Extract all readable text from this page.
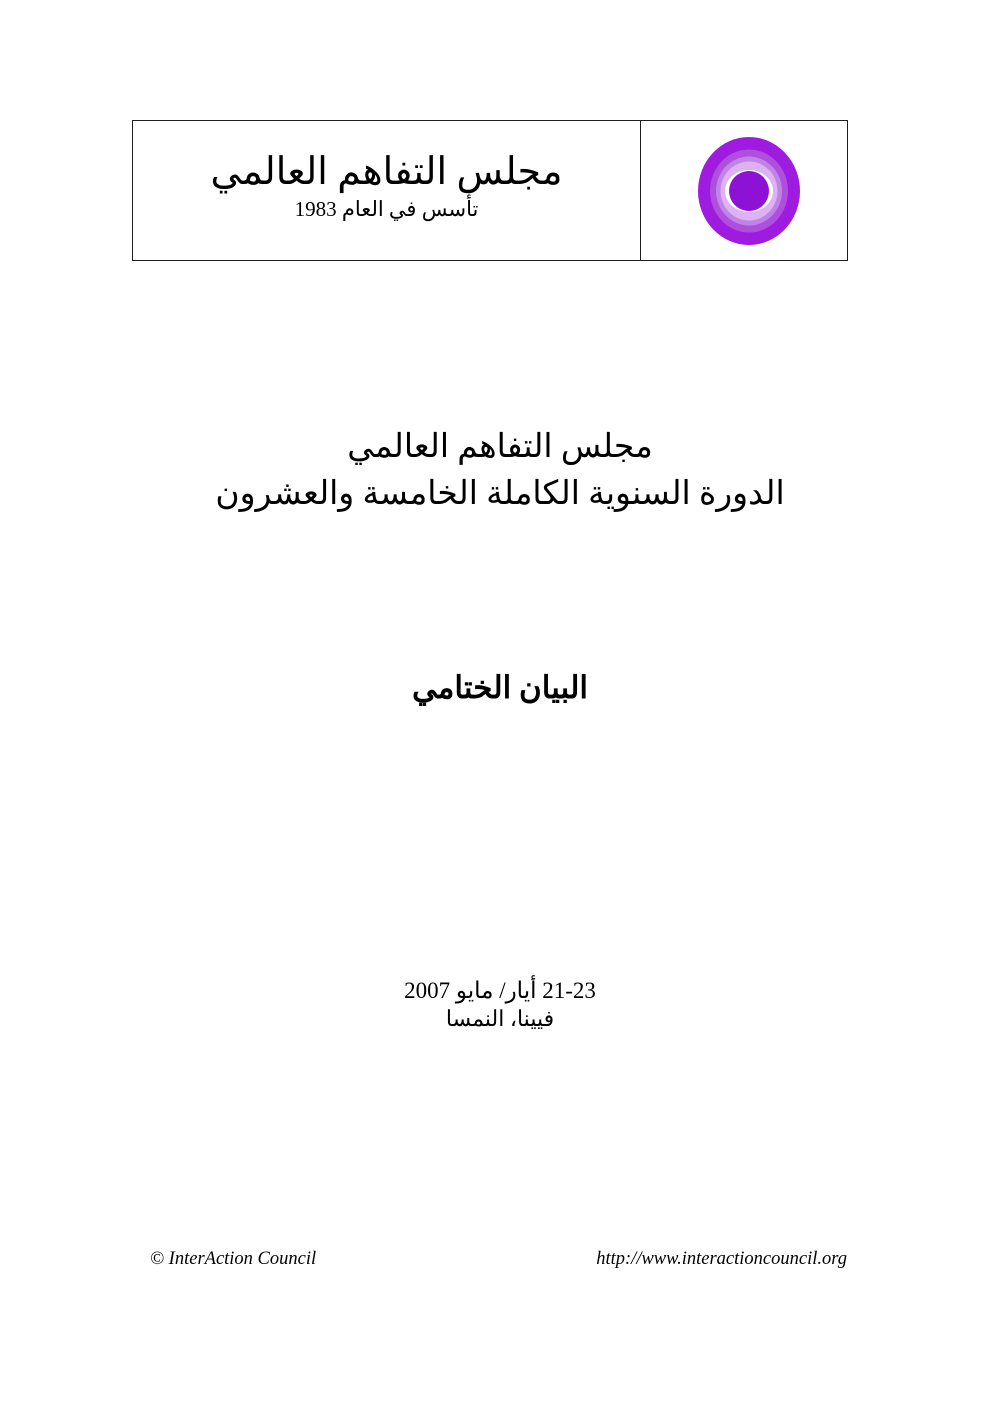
مجلس التفاهم العالمي
تأسس في العام 1983
مجلس التفاهم العالمي
الدورة السنوية الكاملة الخامسة والعشرون
البيان الختامي
21-23 أيار/ مايو 2007
فيينا، النمسا
© InterAction Council	http://www.interactioncouncil.org
